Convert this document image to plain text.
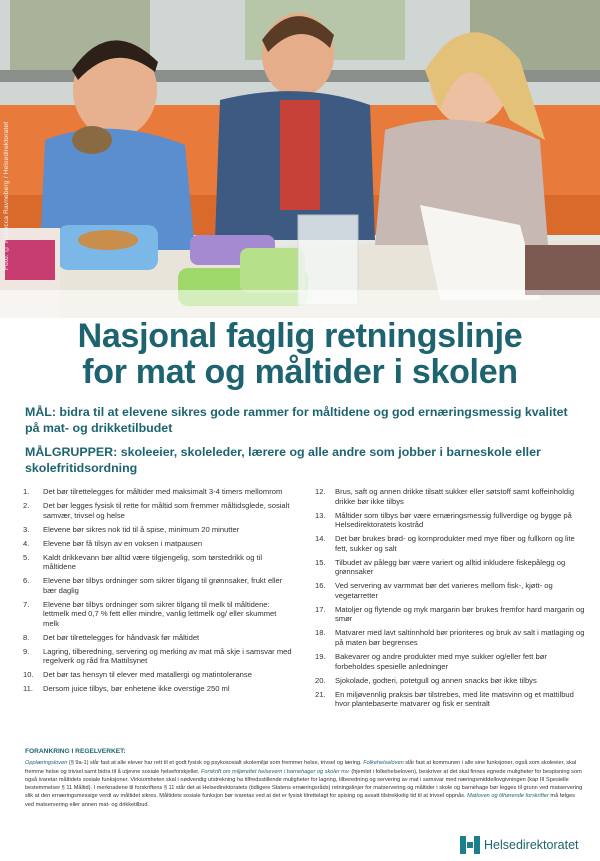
Foto: © Rebecca Ravneberg / Helsedirektoratet
Nasjonal faglig retningslinje
for mat og måltider i skolen
MÅL: bidra til at elevene sikres gode rammer for måltidene og god ernæringsmessig kvalitet på mat- og drikketilbudet
MÅLGRUPPER: skoleeier, skoleleder, lærere og alle andre som jobber i barneskole eller skolefritidsordning
1.	Det bør tilrettelegges for måltider med maksimalt 3-4 timers mellomrom
2.	Det bør legges fysisk til rette for måltid som fremmer måltidsglede, sosialt samvær, trivsel og helse
3.	Elevene bør sikres nok tid til å spise, minimum 20 minutter
4.	Elevene bør få tilsyn av en voksen i matpausen
5.	Kaldt drikkevann bør alltid være tilgjengelig, som tørstedrikk og til måltidene
6.	Elevene bør tilbys ordninger som sikrer tilgang til grønnsaker, frukt eller bær daglig
7.	Elevene bør tilbys ordninger som sikrer tilgang til melk til måltidene: lettmelk med 0,7 % fett eller mindre, vanlig lettmelk og/ eller skummet melk
8.	Det bør tilrettelegges for håndvask før måltidet
9.	Lagring, tilberedning, servering og merking av mat må skje i samsvar med regelverk og råd fra Mattilsynet
10.	Det bør tas hensyn til elever med matallergi og matintoleranse
11.	Dersom juice tilbys, bør enhetene ikke overstige 250 ml
12.	Brus, saft og annen drikke tilsatt sukker eller søtstoff samt koffeinholdig drikke bør ikke tilbys
13.	Måltider som tilbys bør være ernæringsmessig fullverdige og bygge på Helsedirektoratets kostråd
14.	Det bør brukes brød- og kornprodukter med mye fiber og fullkorn og lite fett, sukker og salt
15.	Tilbudet av pålegg bør være variert og alltid inkludere fiskepålegg og grønnsaker
16.	Ved servering av varmmat bør det varieres mellom fisk-, kjøtt- og vegetarretter
17.	Matoljer og flytende og myk margarin bør brukes fremfor hard margarin og smør
18.	Matvarer med lavt saltinnhold bør prioriteres og bruk av salt i matlaging og på maten bør begrenses
19.	Bakevarer og andre produkter med mye sukker og/eller fett bør forbeholdes spesielle anledninger
20.	Sjokolade, godteri, potetgull og annen snacks bør ikke tilbys
21.	En miljøvennlig praksis bør tilstrebes, med lite matsvinn og et mattilbud hvor plantebaserte matvarer og fisk er sentralt
FORANKRING I REGELVERKET:
Opplæringsloven (§ 9a-1) slår fast at alle elever har rett til et godt fysisk og psykososialt skolemiljø som fremmer helse, trivsel og læring. Folkehelseloven slår fast at kommunen i alle sine funksjoner, også som skoleeier, skal fremme helse og trivsel samt bidra til å utjevne sosiale helseforskjeller. Forskrift om miljørettet helsevern i barnehager og skoler mv. (hjemlet i folkehelseloven), beskriver at det skal finnes egnede muligheter for bespisning som også ivaretar måltidets sosiale funksjoner. Virksomheten skal i nødvendig utstrekning ha tilfredsstillende muligheter for lagring, tilberedning og servering av mat i samsvar med næringsmiddellovgivningen (kap III Spesielle bestemmelser § 11 Måltid). I merknadene til forskriftens § 11 står det at Helsedirektoratets (tidligere Statens ernæringsråds) retningslinjer for matservering og måltider i skole og barnehage bør legges til grunn ved matservering slik at den ernæringsmessige verdi av måltidet sikres. Måltidets sosiale funksjon bør ivaretas ved at det er fysisk tilrettelagt for spising og avsatt tilstrekkelig tid til at trivsel oppnås. Matloven og tilhørende forskrifter må følges ved matservering eller annen mat- og drikketilbud.
Helsedirektoratet
